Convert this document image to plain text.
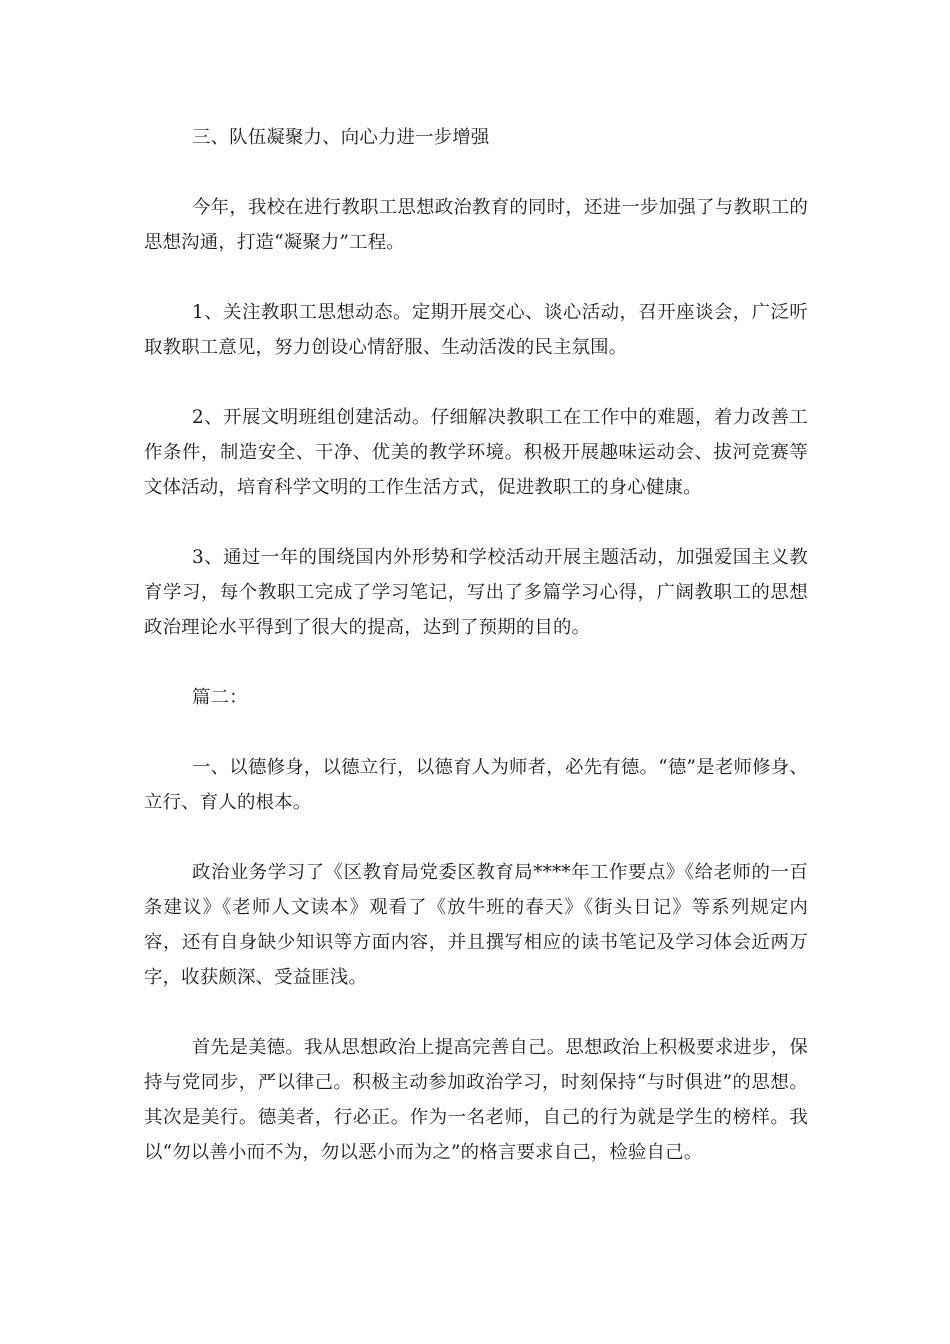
三、队伍凝聚力、向心力进一步增强

今年，我校在进行教职工思想政治教育的同时，还进一步加强了与教职工的思想沟通，打造“凝聚力”工程。

1、关注教职工思想动态。定期开展交心、谈心活动，召开座谈会，广泛听取教职工意见，努力创设心情舒服、生动活泼的民主氛围。

2、开展文明班组创建活动。仔细解决教职工在工作中的难题，着力改善工作条件，制造安全、干净、优美的教学环境。积极开展趣味运动会、拔河竞赛等文体活动，培育科学文明的工作生活方式，促进教职工的身心健康。

3、通过一年的围绕国内外形势和学校活动开展主题活动，加强爱国主义教育学习，每个教职工完成了学习笔记，写出了多篇学习心得，广阔教职工的思想政治理论水平得到了很大的提高，达到了预期的目的。

篇二：

一、以德修身，以德立行，以德育人为师者，必先有德。“德”是老师修身、立行、育人的根本。

政治业务学习了《区教育局党委区教育局****年工作要点》《给老师的一百条建议》《老师人文读本》观看了《放牛班的春天》《街头日记》等系列规定内容，还有自身缺少知识等方面内容，并且撰写相应的读书笔记及学习体会近两万字，收获颇深、受益匪浅。

首先是美德。我从思想政治上提高完善自己。思想政治上积极要求进步，保持与党同步，严以律己。积极主动参加政治学习，时刻保持“与时俱进”的思想。其次是美行。德美者，行必正。作为一名老师，自己的行为就是学生的榜样。我以“勿以善小而不为，勿以恶小而为之”的格言要求自己，检验自己。
